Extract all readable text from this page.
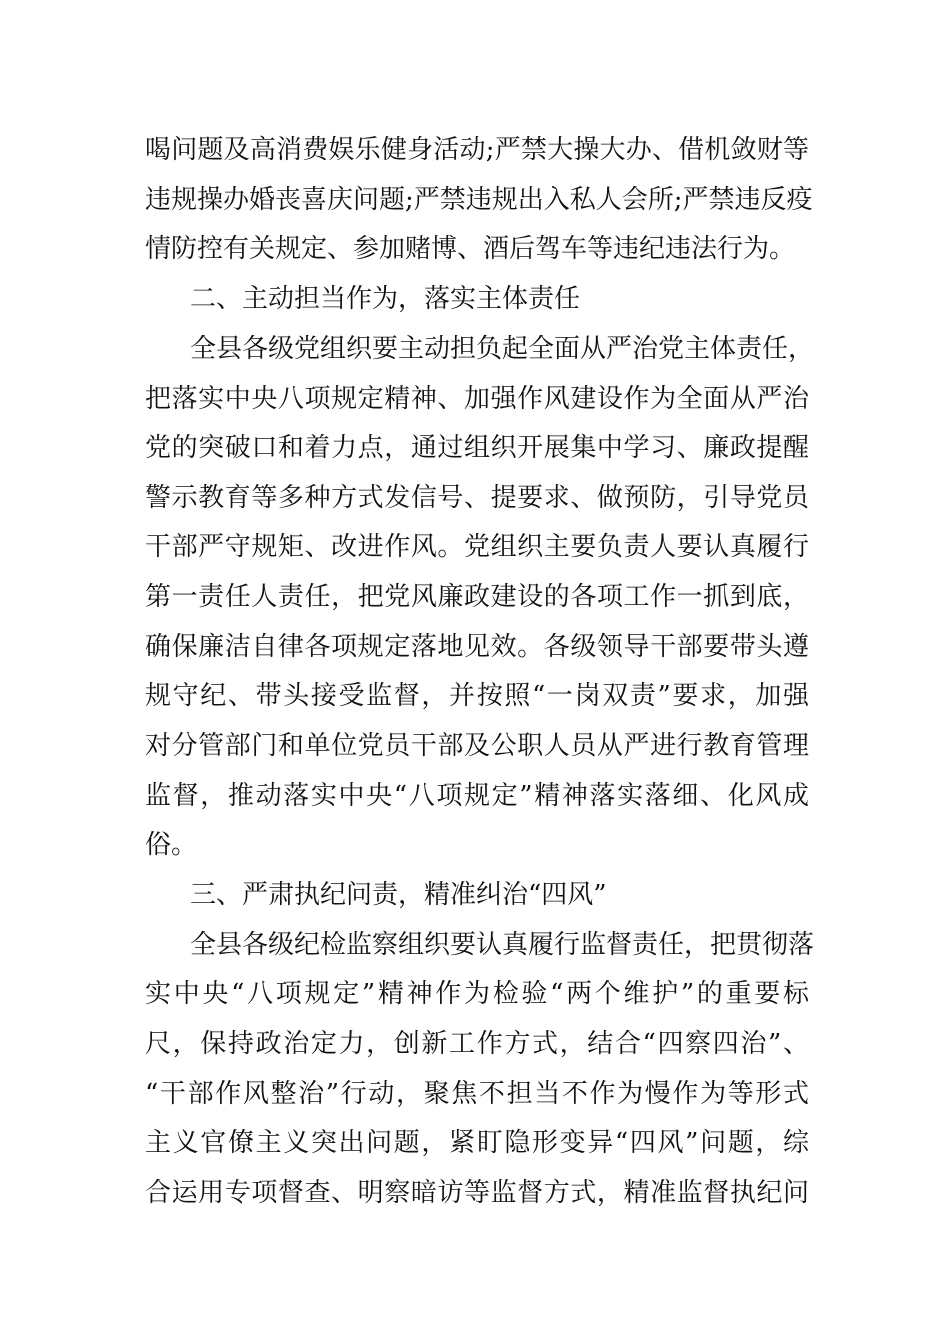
喝问题及高消费娱乐健身活动;严禁大操大办、借机敛财等
违规操办婚丧喜庆问题;严禁违规出入私人会所;严禁违反疫
情防控有关规定、参加赌博、酒后驾车等违纪违法行为。
二、主动担当作为，落实主体责任
全县各级党组织要主动担负起全面从严治党主体责任，
把落实中央八项规定精神、加强作风建设作为全面从严治
党的突破口和着力点，通过组织开展集中学习、廉政提醒
警示教育等多种方式发信号、提要求、做预防，引导党员
干部严守规矩、改进作风。党组织主要负责人要认真履行
第一责任人责任，把党风廉政建设的各项工作一抓到底，
确保廉洁自律各项规定落地见效。各级领导干部要带头遵
规守纪、带头接受监督，并按照“一岗双责”要求，加强
对分管部门和单位党员干部及公职人员从严进行教育管理
监督，推动落实中央“八项规定”精神落实落细、化风成
俗。
三、严肃执纪问责，精准纠治“四风”
全县各级纪检监察组织要认真履行监督责任，把贯彻落
实中央“八项规定”精神作为检验“两个维护”的重要标
尺，保持政治定力，创新工作方式，结合“四察四治”、
“干部作风整治”行动，聚焦不担当不作为慢作为等形式
主义官僚主义突出问题，紧盯隐形变异“四风”问题，综
合运用专项督查、明察暗访等监督方式，精准监督执纪问
